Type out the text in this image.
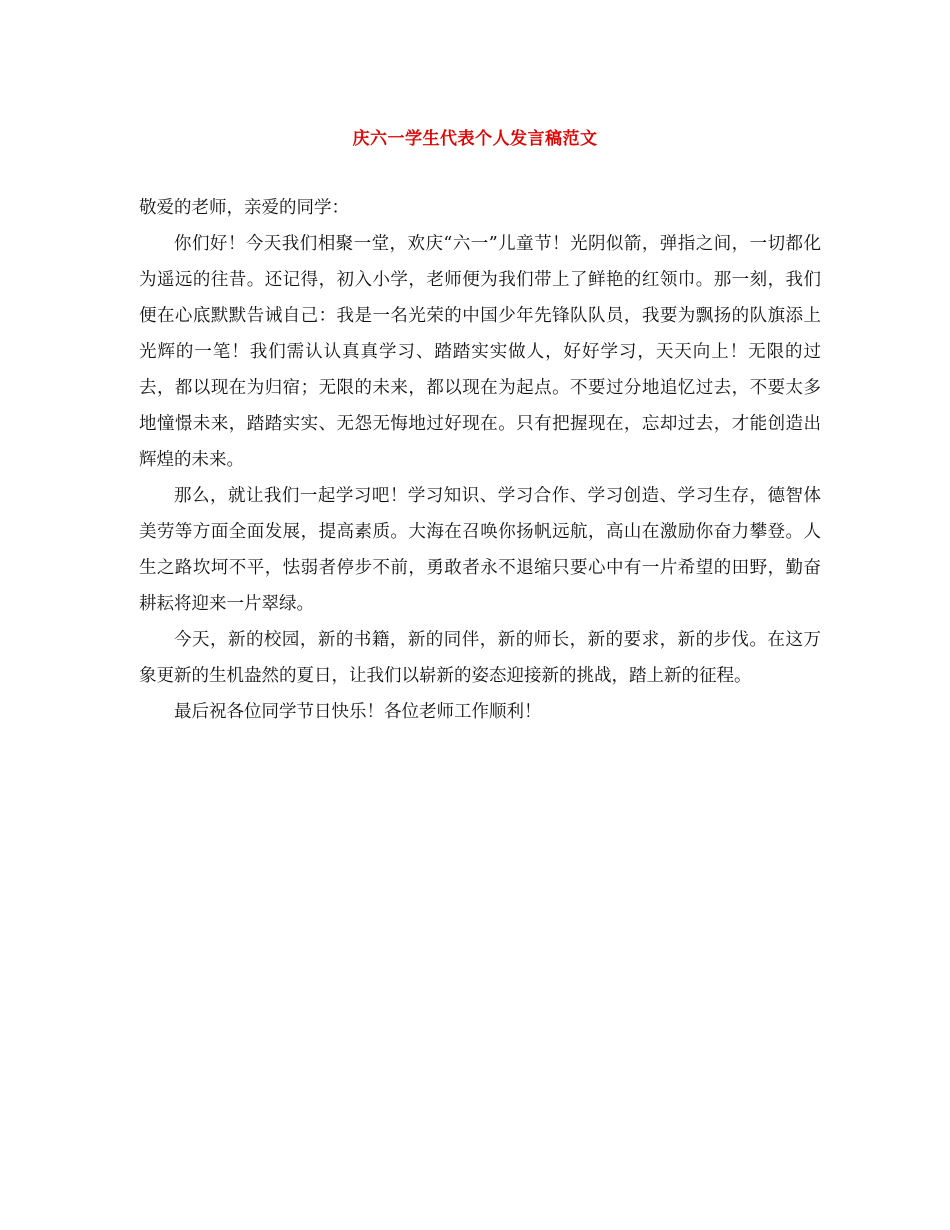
庆六一学生代表个人发言稿范文

敬爱的老师，亲爱的同学：

你们好！今天我们相聚一堂，欢庆“六一”儿童节！光阴似箭，弹指之间，一切都化为遥远的往昔。还记得，初入小学，老师便为我们带上了鲜艳的红领巾。那一刻，我们便在心底默默告诫自己：我是一名光荣的中国少年先锋队队员，我要为飘扬的队旗添上光辉的一笔！我们需认认真真学习、踏踏实实做人，好好学习，天天向上！无限的过去，都以现在为归宿；无限的未来，都以现在为起点。不要过分地追忆过去，不要太多地憧憬未来，踏踏实实、无怨无悔地过好现在。只有把握现在，忘却过去，才能创造出辉煌的未来。

那么，就让我们一起学习吧！学习知识、学习合作、学习创造、学习生存，德智体美劳等方面全面发展，提高素质。大海在召唤你扬帆远航，高山在激励你奋力攀登。人生之路坎坷不平，怯弱者停步不前，勇敢者永不退缩只要心中有一片希望的田野，勤奋耕耘将迎来一片翠绿。

今天，新的校园，新的书籍，新的同伴，新的师长，新的要求，新的步伐。在这万象更新的生机盎然的夏日，让我们以崭新的姿态迎接新的挑战，踏上新的征程。

最后祝各位同学节日快乐！各位老师工作顺利！
